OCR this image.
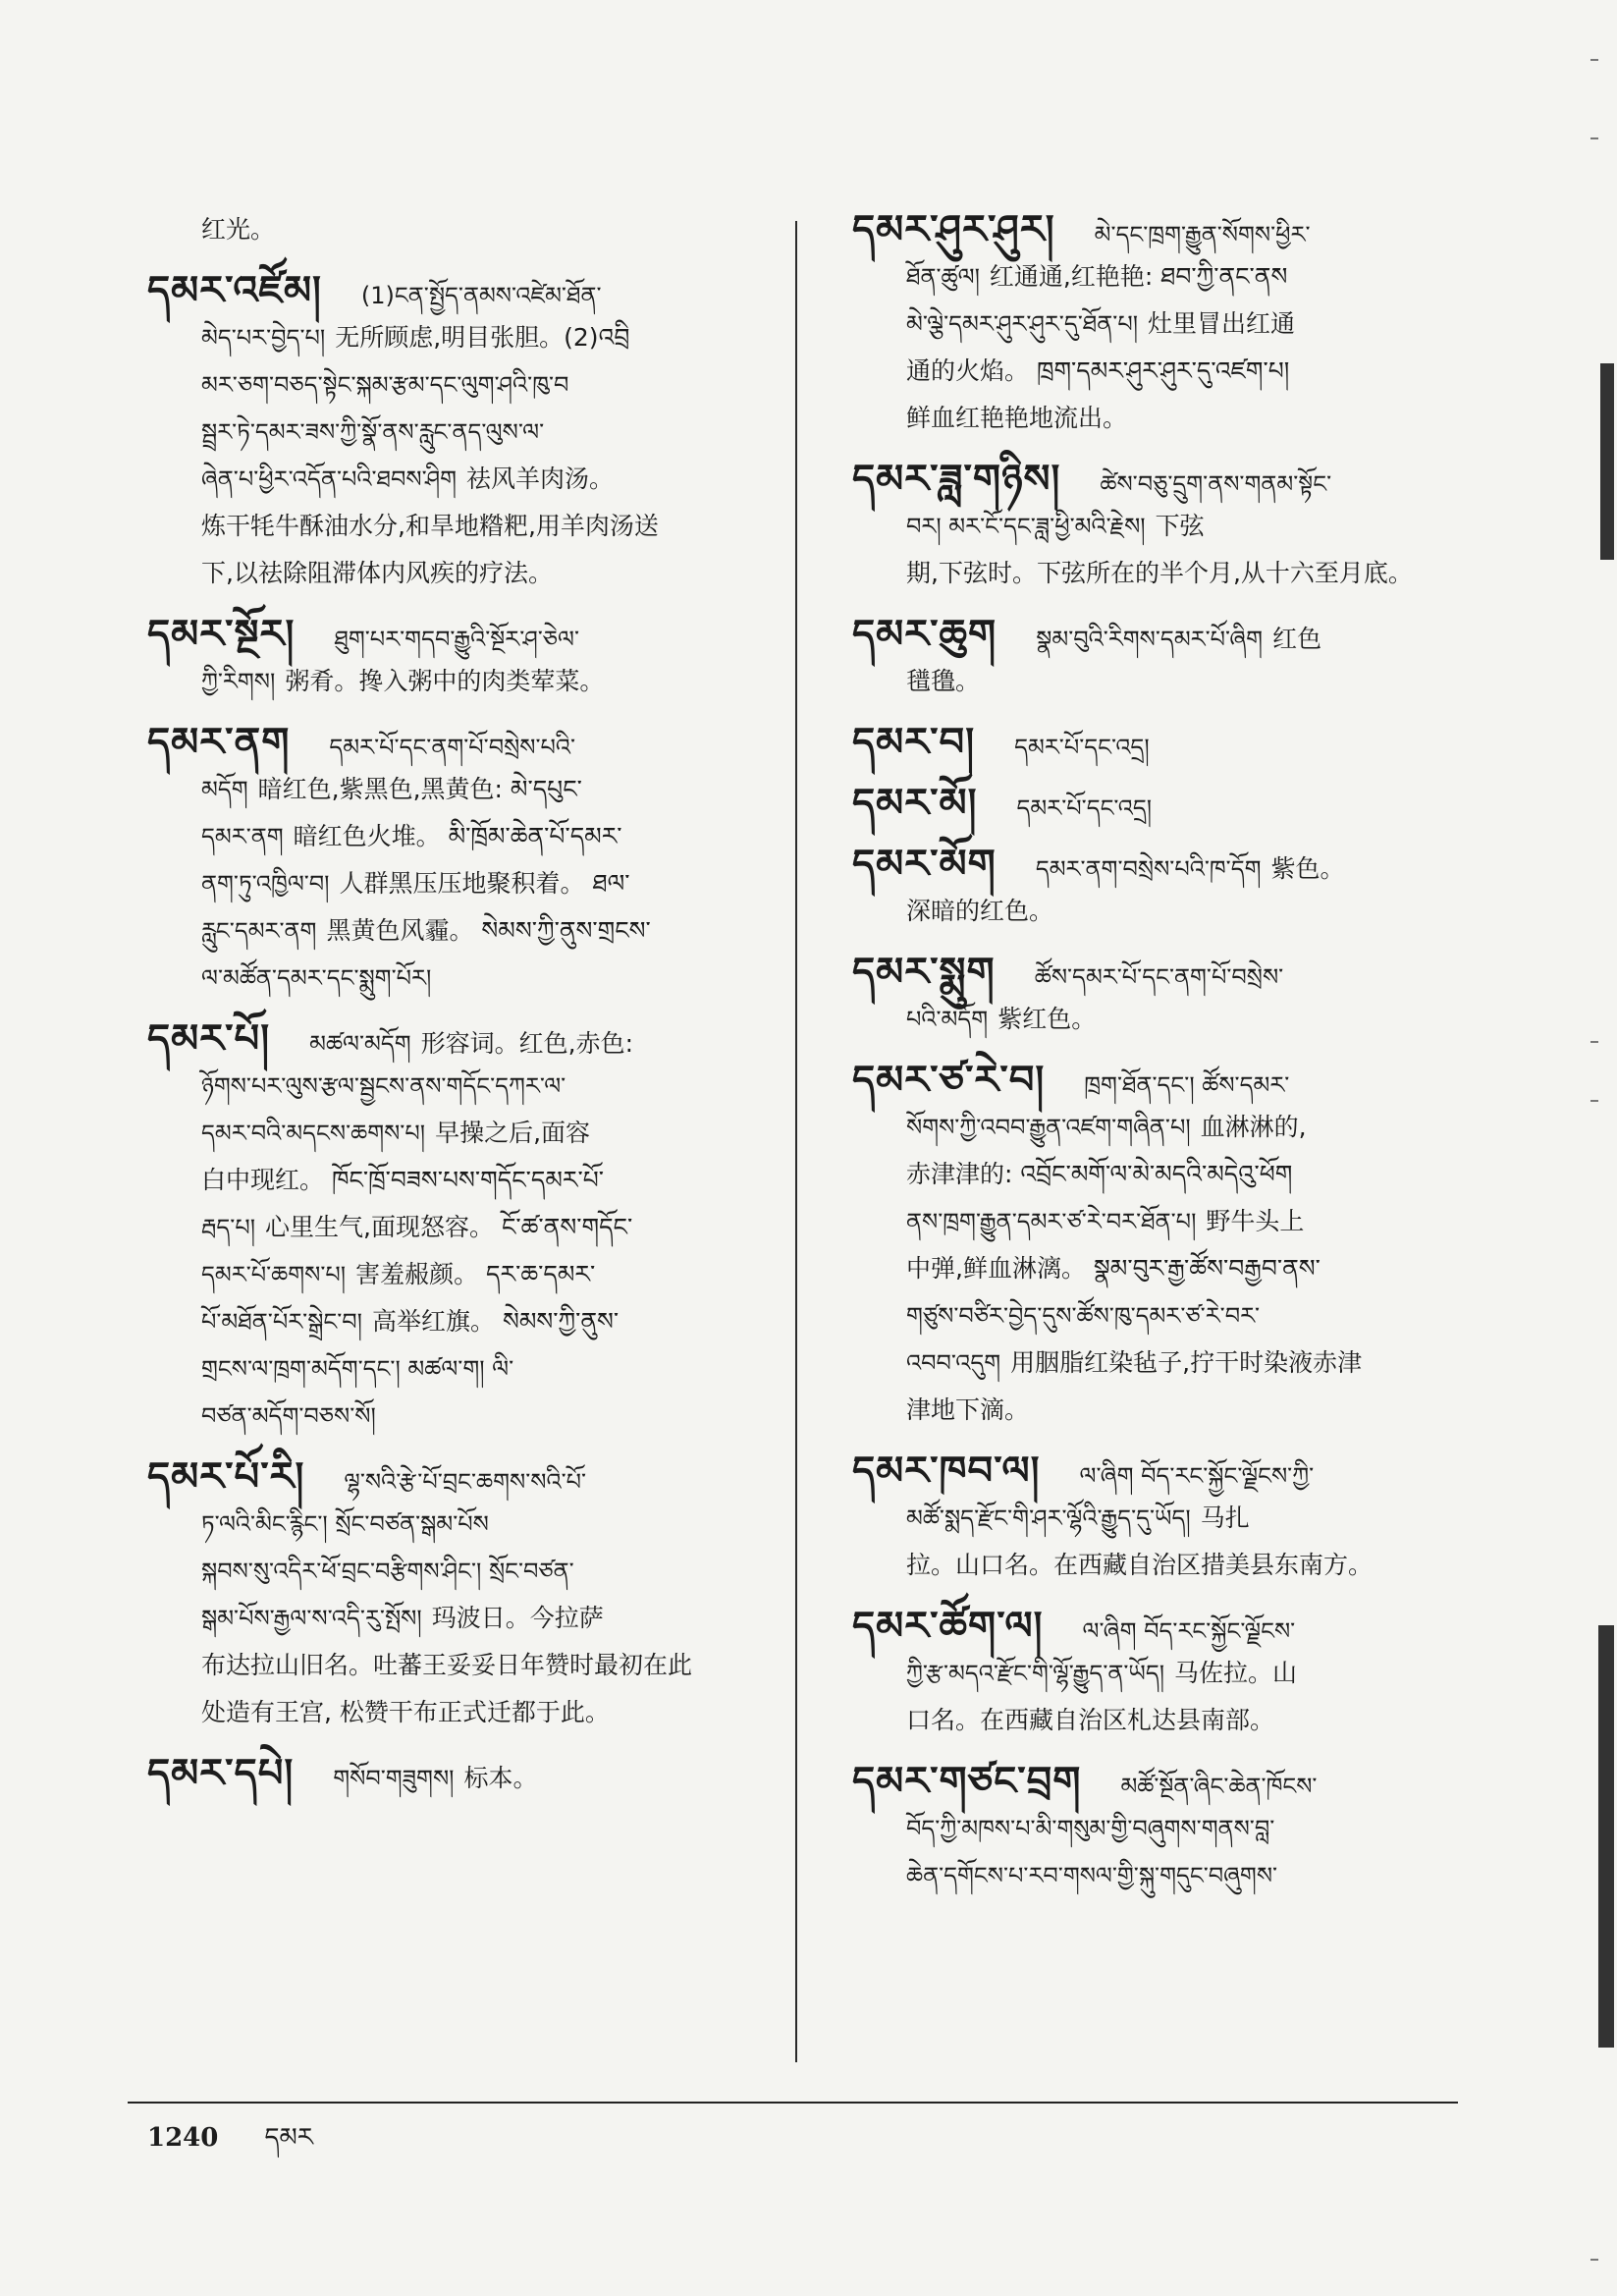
红光。
དམར་འཛོམ། (1)ངན་སྤྱོད་ནམས་འཛེམ་ཐོན་
མེད་པར་བྱེད་པ། 无所顾虑,明目张胆。(2)འབྲི
མར་ཅག་བཅད་སྟེང་སྐམ་རྩམ་དང་ལུག་ཤའི་ཁུ་བ
སྦྲར་ཏེ་དམར་ཟས་ཀྱི་སྣོ་ནས་རླུང་ནད་ལུས་ལ་
ཞེན་པ་ཕྱིར་འདོན་པའི་ཐབས་ཤིག 祛风羊肉汤。
炼干牦牛酥油水分,和旱地糌粑,用羊肉汤送
下,以祛除阻滞体内风疾的疗法。
དམར་སྔོར། ཐུག་པར་གདབ་རྒྱུའི་སྔོར་ཤ་ཅེལ་
ཀྱི་རིགས། 粥肴。搀入粥中的肉类荤菜。
དམར་ནག དམར་པོ་དང་ནག་པོ་བསྲེས་པའི་
མདོག 暗红色,紫黑色,黑黄色: མེ་དཔུང་
དམར་ནག 暗红色火堆。 མི་ཁྲོམ་ཆེན་པོ་དམར་
ནག་ཏུ་འཁྱིལ་བ། 人群黑压压地聚积着。 ཐལ་
རླུང་དམར་ནག 黑黄色风霾。 སེམས་ཀྱི་ནུས་གྲངས་
ལ་མཚོན་དམར་དང་སྨུག་པོར།
དམར་པོ། མཚལ་མདོག 形容词。红色,赤色:
ཉོགས་པར་ལུས་རྩལ་སྦྱངས་ནས་གདོང་དཀར་ལ་
དམར་བའི་མདངས་ཆགས་པ། 早操之后,面容
白中现红。 ཁོང་ཁྲོ་བཟས་པས་གདོང་དམར་པོ་
རྦད་པ། 心里生气,面现怒容。 ངོ་ཚ་ནས་གདོང་
དམར་པོ་ཆགས་པ། 害羞赧颜。 དར་ཆ་དམར་
པོ་མཐོན་པོར་སྒྲེང་བ། 高举红旗。 སེམས་ཀྱི་ནུས་
གྲངས་ལ་ཁྲག་མདོག་དང་། མཚལ་ག། ལི་
བཙན་མདོག་བཅས་སོ།
དམར་པོ་རི། ལྷ་སའི་རྩེ་པོ་བྲང་ཆགས་སའི་པོ་
ཏ་ལའི་མིང་རྙིང་། སྲོང་བཙན་སྒམ་པོས
སྐབས་སུ་འདིར་ཕོ་བྲང་བརྩིགས་ཤིང་། སྲོང་བཙན་
སྒམ་པོས་རྒྱལ་ས་འདི་རུ་སྤོས། 玛波日。今拉萨
布达拉山旧名。吐蕃王妥妥日年赞时最初在此
处造有王宫, 松赞干布正式迁都于此。
དམར་དཔེ། གསོབ་གཟུགས། 标本。
དམར་ཤུར་ཤུར། མེ་དང་ཁྲག་རྒྱུན་སོགས་ཕྱིར་
ཐོན་ཚུལ། 红通通,红艳艳: ཐབ་ཀྱི་ནང་ནས
མེ་ལྕེ་དམར་ཤུར་ཤུར་དུ་ཐོན་པ། 灶里冒出红通
通的火焰。 ཁྲག་དམར་ཤུར་ཤུར་དུ་འཛག་པ།
鲜血红艳艳地流出。
དམར་ཟླ་གཉིས། ཚེས་བཅུ་དྲུག་ནས་གནམ་སྟོང་
བར། མར་ངོ་དང་ཟླ་ཕྱི་མའི་རྗེས། 下弦
期,下弦时。下弦所在的半个月,从十六至月底。
དམར་ཆུག སྣམ་བུའི་རིགས་དམར་པོ་ཞིག 红色
氆氇。
དམར་བ། དམར་པོ་དང་འདྲ།
དམར་མོ། དམར་པོ་དང་འདྲ།
དམར་མོག དམར་ནག་བསྲེས་པའི་ཁ་དོག 紫色。
深暗的红色。
དམར་སྨུག ཚོས་དམར་པོ་དང་ནག་པོ་བསྲེས་
པའི་མདོག 紫红色。
དམར་ཙ་རེ་བ། ཁྲག་ཐོན་དང་། ཚོས་དམར་
སོགས་ཀྱི་འབབ་རྒྱུན་འཛག་གཞིན་པ། 血淋淋的,
赤津津的: འབྲོང་མགོ་ལ་མེ་མདའི་མདེའུ་ཕོག
ནས་ཁྲག་རྒྱུན་དམར་ཙ་རེ་བར་ཐོན་པ། 野牛头上
中弹,鲜血淋漓。 སྣམ་བུར་རྒྱ་ཚོས་བརྒྱབ་ནས་
གཙུས་བཙིར་བྱེད་དུས་ཚོས་ཁུ་དམར་ཙ་རེ་བར་
འབབ་འདུག 用胭脂红染毡子,拧干时染液赤津
津地下滴。
དམར་ཁབ་ལ། ལ་ཞིག བོད་རང་སྐྱོང་ལྗོངས་ཀྱི་
མཚོ་སྨད་རྫོང་གི་ཤར་ལྷོའི་རྒྱུད་དུ་ཡོད། 马扎
拉。山口名。在西藏自治区措美县东南方。
དམར་ཚོག་ལ། ལ་ཞིག བོད་རང་སྐྱོང་ལྗོངས་
ཀྱི་རྩ་མདའ་རྫོང་གི་ལྷོ་རྒྱུད་ན་ཡོད། 马佐拉。山
口名。在西藏自治区札达县南部。
དམར་གཙང་བྲག མཚོ་སྔོན་ཞིང་ཆེན་ཁོངས་
བོད་ཀྱི་མཁས་པ་མི་གསུམ་གྱི་བཞུགས་གནས་བླ་
ཆེན་དགོངས་པ་རབ་གསལ་གྱི་སྐུ་གདུང་བཞུགས་
1240 དམར
